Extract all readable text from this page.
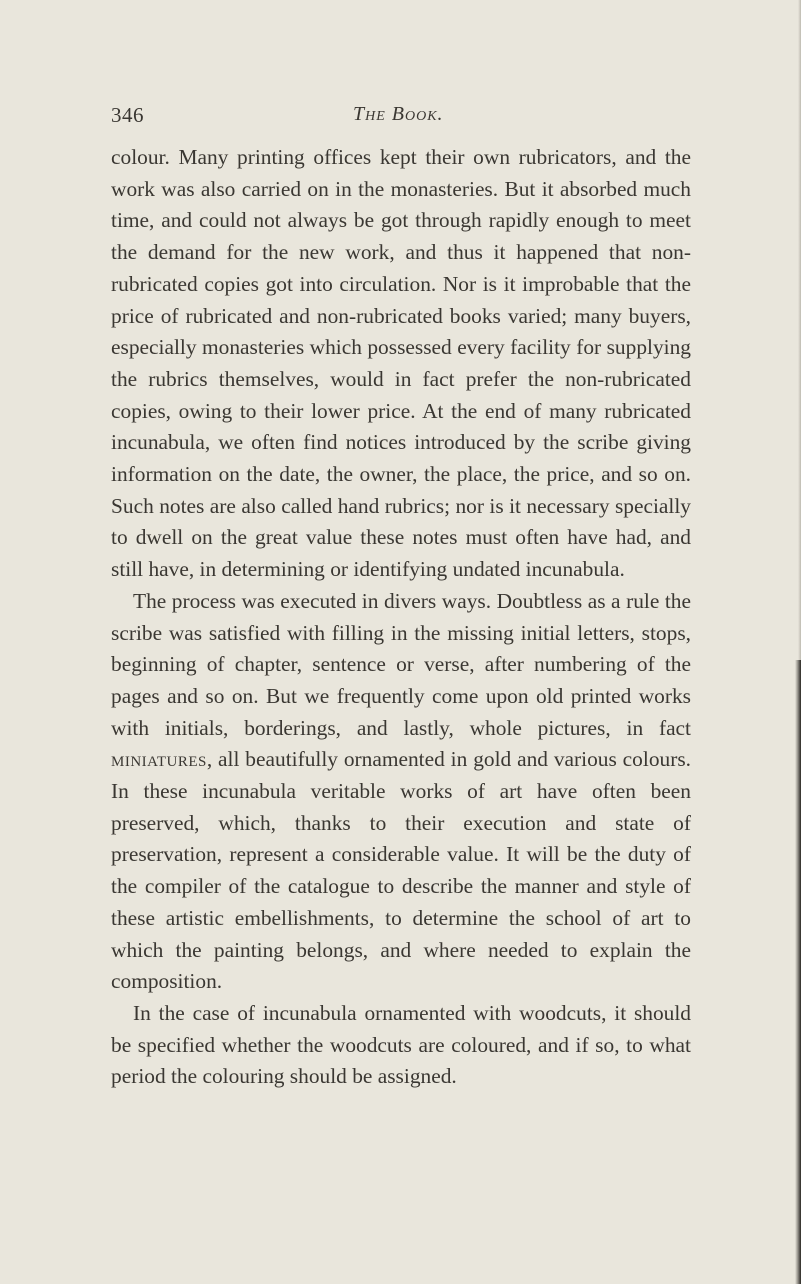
346	The Book.

colour. Many printing offices kept their own rubricators, and the work was also carried on in the monasteries. But it absorbed much time, and could not always be got through rapidly enough to meet the demand for the new work, and thus it happened that non-rubricated copies got into circulation. Nor is it improbable that the price of rubricated and non-rubricated books varied; many buyers, especially monasteries which possessed every facility for supplying the rubrics themselves, would in fact prefer the non-rubricated copies, owing to their lower price. At the end of many rubricated incunabula, we often find notices introduced by the scribe giving information on the date, the owner, the place, the price, and so on. Such notes are also called hand rubrics; nor is it necessary specially to dwell on the great value these notes must often have had, and still have, in determining or identifying undated incunabula.

The process was executed in divers ways. Doubtless as a rule the scribe was satisfied with filling in the missing initial letters, stops, beginning of chapter, sentence or verse, after numbering of the pages and so on. But we frequently come upon old printed works with initials, borderings, and lastly, whole pictures, in fact miniatures, all beautifully ornamented in gold and various colours. In these incunabula veritable works of art have often been preserved, which, thanks to their execution and state of preservation, represent a considerable value. It will be the duty of the compiler of the catalogue to describe the manner and style of these artistic embellishments, to determine the school of art to which the painting belongs, and where needed to explain the composition.

In the case of incunabula ornamented with woodcuts, it should be specified whether the woodcuts are coloured, and if so, to what period the colouring should be assigned.
